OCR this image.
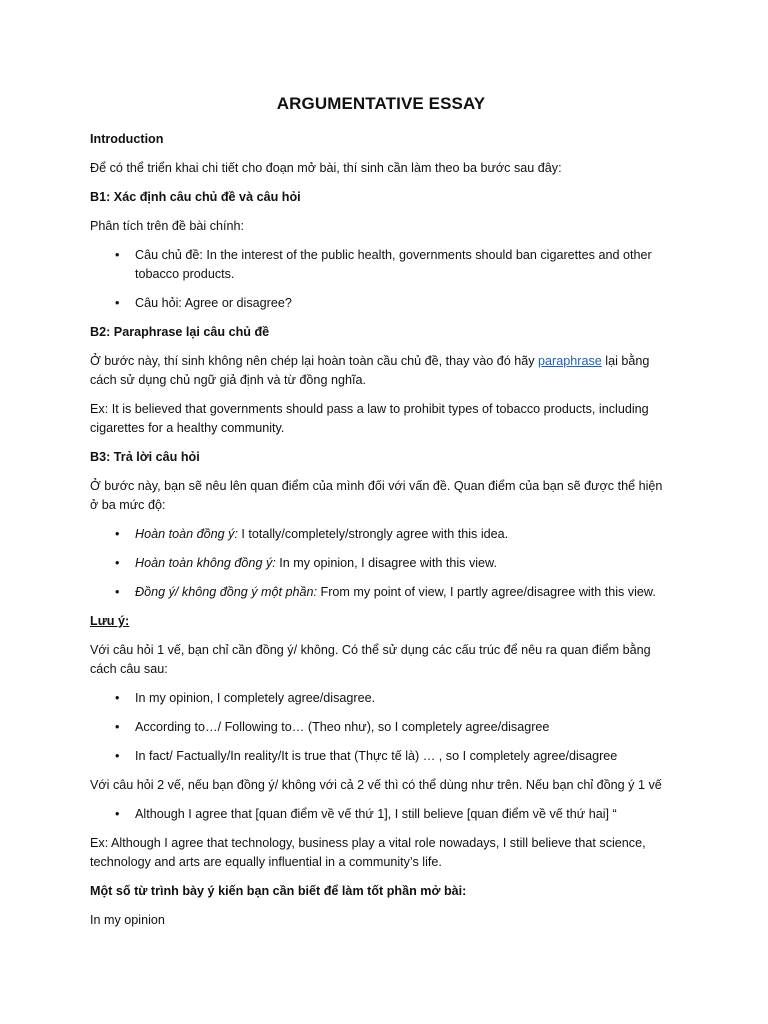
ARGUMENTATIVE ESSAY

Introduction

Để có thể triển khai chi tiết cho đoạn mở bài, thí sinh cần làm theo ba bước sau đây:

B1: Xác định câu chủ đề và câu hỏi

Phân tích trên đề bài chính:

• Câu chủ đề: In the interest of the public health, governments should ban cigarettes and other tobacco products.
• Câu hỏi: Agree or disagree?

B2: Paraphrase lại câu chủ đề

Ở bước này, thí sinh không nên chép lại hoàn toàn cầu chủ đề, thay vào đó hãy paraphrase lại bằng cách sử dụng chủ ngữ giả định và từ đồng nghĩa.

Ex: It is believed that governments should pass a law to prohibit types of tobacco products, including cigarettes for a healthy community.

B3: Trả lời câu hỏi

Ở bước này, bạn sẽ nêu lên quan điểm của mình đối với vấn đề. Quan điểm của bạn sẽ được thể hiện ở ba mức độ:

• Hoàn toàn đồng ý: I totally/completely/strongly agree with this idea.
• Hoàn toàn không đồng ý: In my opinion, I disagree with this view.
• Đồng ý/ không đồng ý một phần: From my point of view, I partly agree/disagree with this view.

Lưu ý:

Với câu hỏi 1 vế, bạn chỉ cần đồng ý/ không. Có thể sử dụng các cấu trúc để nêu ra quan điểm bằng cách câu sau:

• In my opinion, I completely agree/disagree.
• According to…/ Following to… (Theo như), so I completely agree/disagree
• In fact/ Factually/In reality/It is true that (Thực tế là) … , so I completely agree/disagree

Với câu hỏi 2 vế, nếu bạn đồng ý/ không với cả 2 vế thì có thể dùng như trên. Nếu bạn chỉ đồng ý 1 vế

• Although I agree that [quan điểm về vế thứ 1], I still believe [quan điểm về vế thứ hai] “

Ex: Although I agree that technology, business play a vital role nowadays, I still believe that science, technology and arts are equally influential in a community’s life.

Một số từ trình bày ý kiến bạn cần biết để làm tốt phần mở bài:

In my opinion
